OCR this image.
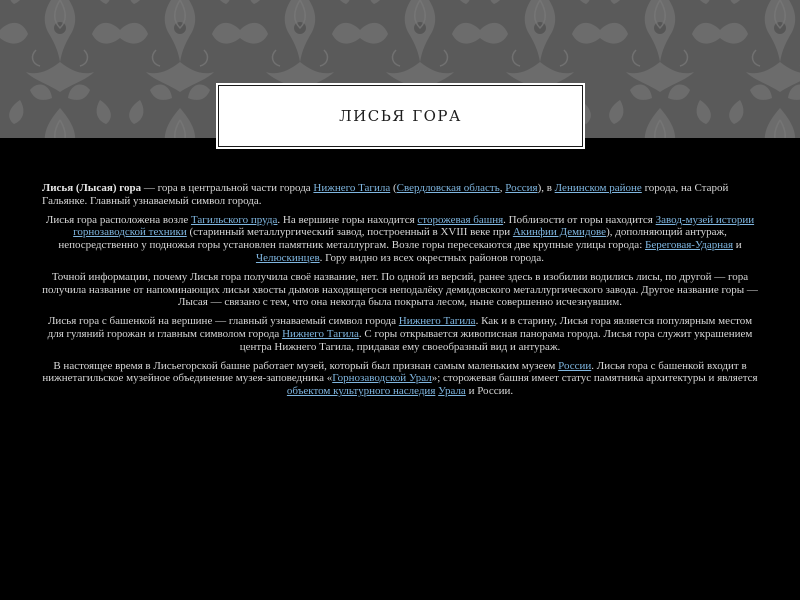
ЛИСЬЯ ГОРА

Лисья (Лысая) гора — гора в центральной части города Нижнего Тагила (Свердловская область, Россия), в Ленинском районе города, на Старой Гальянке. Главный узнаваемый символ города.

Лисья гора расположена возле Тагильского пруда. На вершине горы находится сторожевая башня. Поблизости от горы находится Завод-музей истории горнозаводской техники (старинный металлургический завод, построенный в XVIII веке при Акинфии Демидове), дополняющий антураж, непосредственно у подножья горы установлен памятник металлургам. Возле горы пересекаются две крупные улицы города: Береговая-Ударная и Челюскинцев. Гору видно из всех окрестных районов города.

Точной информации, почему Лисья гора получила своё название, нет. По одной из версий, ранее здесь в изобилии водились лисы, по другой — гора получила название от напоминающих лисьи хвосты дымов находящегося неподалёку демидовского металлургического завода. Другое название горы — Лысая — связано с тем, что она некогда была покрыта лесом, ныне совершенно исчезнувшим.

Лисья гора с башенкой на вершине — главный узнаваемый символ города Нижнего Тагила. Как и в старину, Лисья гора является популярным местом для гуляний горожан и главным символом города Нижнего Тагила. С горы открывается живописная панорама города. Лисья гора служит украшением центра Нижнего Тагила, придавая ему своеобразный вид и антураж.

В настоящее время в Лисьегорской башне работает музей, который был признан самым маленьким музеем России. Лисья гора с башенкой входит в нижнетагильское музейное объединение музея-заповедника «Горнозаводской Урал»; сторожевая башня имеет статус памятника архитектуры и является объектом культурного наследия Урала и России.
